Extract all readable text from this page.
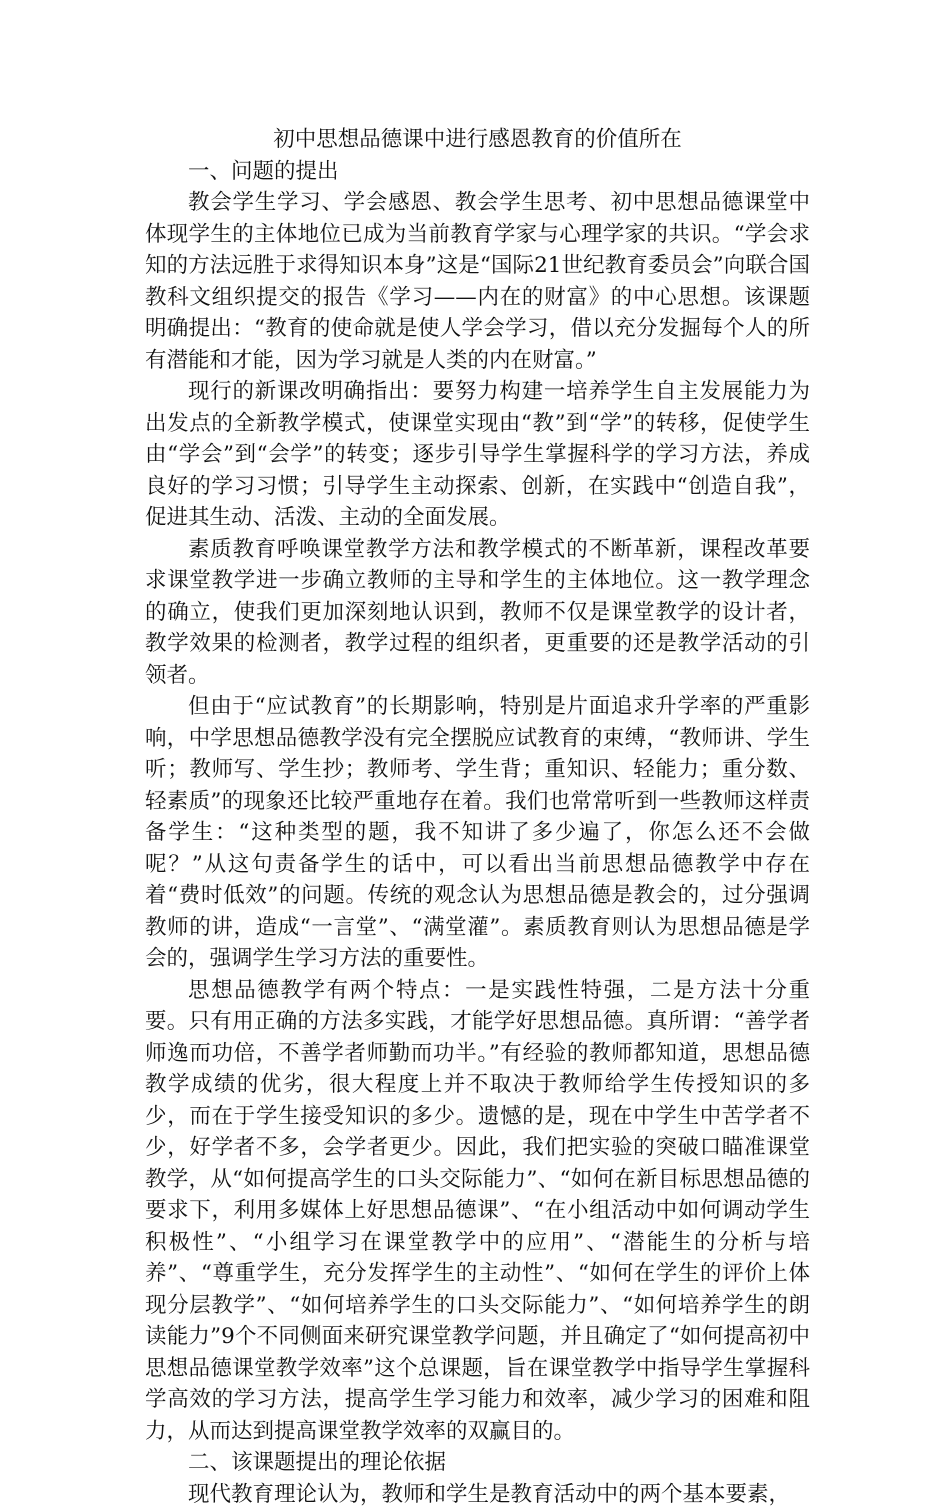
初中思想品德课中进行感恩教育的价值所在
一、问题的提出

教会学生学习、学会感恩、教会学生思考、初中思想品德课堂中体现学生的主体地位已成为当前教育学家与心理学家的共识。“学会求知的方法远胜于求得知识本身”这是“国际21世纪教育委员会”向联合国教科文组织提交的报告《学习——内在的财富》的中心思想。该课题明确提出：“教育的使命就是使人学会学习，借以充分发掘每个人的所有潜能和才能，因为学习就是人类的内在财富。”

现行的新课改明确指出：要努力构建一培养学生自主发展能力为出发点的全新教学模式，使课堂实现由“教”到“学”的转移，促使学生由“学会”到“会学”的转变；逐步引导学生掌握科学的学习方法，养成良好的学习习惯；引导学生主动探索、创新，在实践中“创造自我”，促进其生动、活泼、主动的全面发展。

素质教育呼唤课堂教学方法和教学模式的不断革新，课程改革要求课堂教学进一步确立教师的主导和学生的主体地位。这一教学理念的确立，使我们更加深刻地认识到，教师不仅是课堂教学的设计者，教学效果的检测者，教学过程的组织者，更重要的还是教学活动的引领者。

但由于“应试教育”的长期影响，特别是片面追求升学率的严重影响，中学思想品德教学没有完全摆脱应试教育的束缚，“教师讲、学生听；教师写、学生抄；教师考、学生背；重知识、轻能力；重分数、轻素质”的现象还比较严重地存在着。我们也常常听到一些教师这样责备学生：“这种类型的题，我不知讲了多少遍了，你怎么还不会做呢？”从这句责备学生的话中，可以看出当前思想品德教学中存在着“费时低效”的问题。传统的观念认为思想品德是教会的，过分强调教师的讲，造成“一言堂”、“满堂灌”。素质教育则认为思想品德是学会的，强调学生学习方法的重要性。

思想品德教学有两个特点：一是实践性特强，二是方法十分重要。只有用正确的方法多实践，才能学好思想品德。真所谓：“善学者师逸而功倍，不善学者师勤而功半。”有经验的教师都知道，思想品德教学成绩的优劣，很大程度上并不取决于教师给学生传授知识的多少，而在于学生接受知识的多少。遗憾的是，现在中学生中苦学者不少，好学者不多，会学者更少。因此，我们把实验的突破口瞄准课堂教学，从“如何提高学生的口头交际能力”、“如何在新目标思想品德的要求下，利用多媒体上好思想品德课”、“在小组活动中如何调动学生积极性”、“小组学习在课堂教学中的应用”、“潜能生的分析与培养”、“尊重学生，充分发挥学生的主动性”、“如何在学生的评价上体现分层教学”、“如何培养学生的口头交际能力”、“如何培养学生的朗读能力”9个不同侧面来研究课堂教学问题，并且确定了“如何提高初中思想品德课堂教学效率”这个总课题，旨在课堂教学中指导学生掌握科学高效的学习方法，提高学生学习能力和效率，减少学习的困难和阻力，从而达到提高课堂教学效率的双赢目的。

二、该课题提出的理论依据

现代教育理论认为，教师和学生是教育活动中的两个基本要素，
